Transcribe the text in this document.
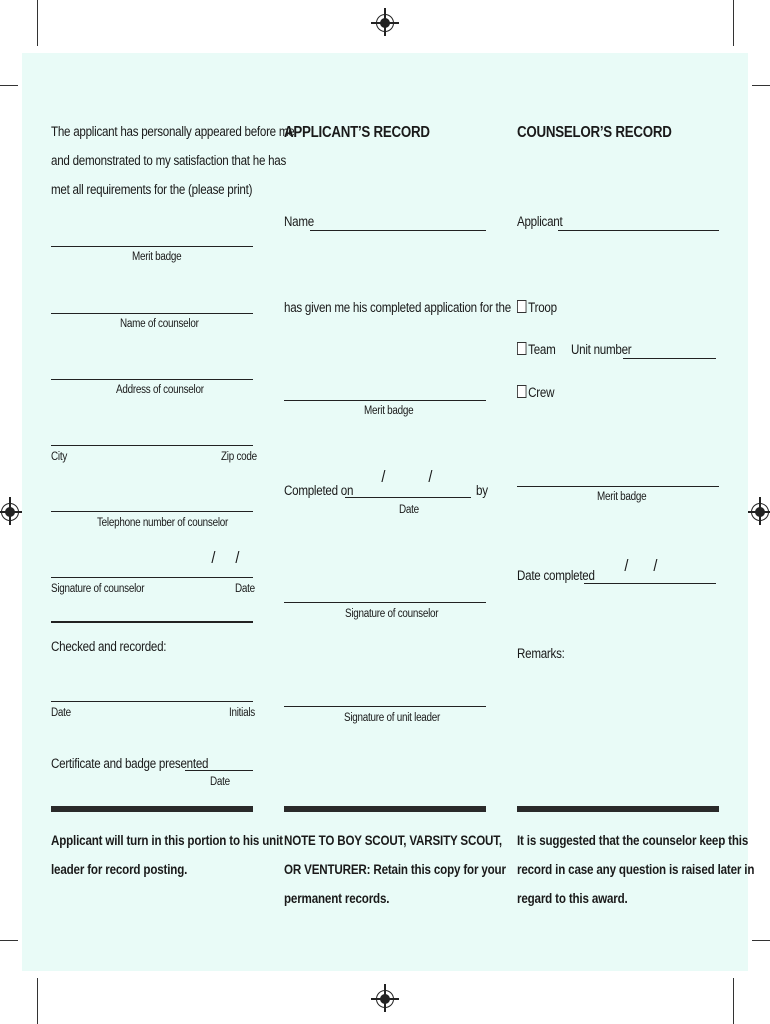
The applicant has personally appeared before me
and demonstrated to my satisfaction that he has
met all requirements for the (please print)
Merit badge
Name of counselor
Address of counselor
City	Zip code
Telephone number of counselor
/ /
Signature of counselor	Date
Checked and recorded:
Date	Initials
Certificate and badge presented
Date
Applicant will turn in this portion to his unit
leader for record posting.
APPLICANT’S RECORD
Name
has given me his completed application for the
Merit badge
Completed on
/	/
by
Date
Signature of counselor
Signature of unit leader
NOTE TO BOY SCOUT, VARSITY SCOUT,
OR VENTURER: Retain this copy for your
permanent records.
COUNSELOR’S RECORD
Applicant
Troop
Team Unit number
Crew
Merit badge
Date completed
/ /
Remarks:
It is suggested that the counselor keep this
record in case any question is raised later in
regard to this award.
